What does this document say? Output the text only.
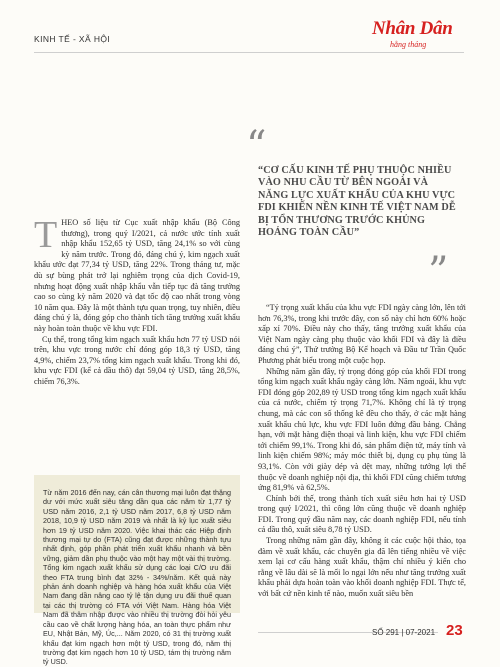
KINH TẾ - XÃ HỘI	Nhân Dân
hằng tháng
“
“CƠ CẤU KINH TẾ PHỤ THUỘC NHIỀU VÀO NHU CẦU TỪ BÊN NGOÀI VÀ NĂNG LỰC XUẤT KHẨU CỦA KHU VỰC FDI KHIẾN NỀN KINH TẾ VIỆT NAM DỄ BỊ TỔN THƯƠNG TRƯỚC KHỦNG HOẢNG TOÀN CẦU”
”

THEO số liệu từ Cục xuất nhập khẩu (Bộ Công thương), trong quý I/2021, cả nước ước tính xuất nhập khẩu 152,65 tỷ USD, tăng 24,1% so với cùng kỳ năm trước. Trong đó, đáng chú ý, kim ngạch xuất khẩu ước đạt 77,34 tỷ USD, tăng 22%. Trong tháng tư, mặc dù sự bùng phát trở lại nghiêm trọng của dịch Covid-19, nhưng hoạt động xuất nhập khẩu vẫn tiếp tục đà tăng trưởng cao so cùng kỳ năm 2020 và đạt tốc độ cao nhất trong vòng 10 năm qua. Đây là một thành tựu quan trọng, tuy nhiên, điều đáng chú ý là, đóng góp cho thành tích tăng trưởng xuất khẩu này hoàn toàn thuộc về khu vực FDI.

Cụ thể, trong tổng kim ngạch xuất khẩu hơn 77 tỷ USD nói trên, khu vực trong nước chỉ đóng góp 18,3 tỷ USD, tăng 4,9%, chiếm 23,7% tổng kim ngạch xuất khẩu. Trong khi đó, khu vực FDI (kể cả dầu thô) đạt 59,04 tỷ USD, tăng 28,5%, chiếm 76,3%.

Từ năm 2016 đến nay, cán cân thương mại luôn đạt thặng dư với mức xuất siêu tăng dần qua các năm từ 1,77 tỷ USD năm 2016, 2,1 tỷ USD năm 2017, 6,8 tỷ USD năm 2018, 10,9 tỷ USD năm 2019 và nhất là kỷ lục xuất siêu hơn 19 tỷ USD năm 2020. Việc khai thác các Hiệp định thương mại tự do (FTA) cũng đạt được những thành tựu nhất định, góp phần phát triển xuất khẩu nhanh và bền vững, giảm dần phụ thuộc vào một hay một vài thị trường. Tổng kim ngạch xuất khẩu sử dụng các loại C/O ưu đãi theo FTA trung bình đạt 32% - 34%/năm. Kết quả này phản ánh doanh nghiệp và hàng hóa xuất khẩu của Việt Nam đang dần nâng cao tỷ lệ tận dụng ưu đãi thuế quan tại các thị trường có FTA với Việt Nam. Hàng hóa Việt Nam đã thâm nhập được vào nhiều thị trường đòi hỏi yêu cầu cao về chất lượng hàng hóa, an toàn thực phẩm như EU, Nhật Bản, Mỹ, Úc,... Năm 2020, có 31 thị trường xuất khẩu đạt kim ngạch hơn một tỷ USD, trong đó, năm thị trường đạt kim ngạch hơn 10 tỷ USD, tám thị trường năm tỷ USD.

“Tỷ trọng xuất khẩu của khu vực FDI ngày càng lớn, lên tới hơn 76,3%, trong khi trước đây, con số này chỉ hơn 60% hoặc xấp xỉ 70%. Điều này cho thấy, tăng trưởng xuất khẩu của Việt Nam ngày càng phụ thuộc vào khối FDI và đây là điều đáng chú ý”, Thứ trưởng Bộ Kế hoạch và Đầu tư Trần Quốc Phương phát biểu trong một cuộc họp.

Những năm gần đây, tỷ trọng đóng góp của khối FDI trong tổng kim ngạch xuất khẩu ngày càng lớn. Năm ngoái, khu vực FDI đóng góp 202,89 tỷ USD trong tổng kim ngạch xuất khẩu của cả nước, chiếm tỷ trọng 71,7%. Không chỉ là tỷ trọng chung, mà các con số thống kê đều cho thấy, ở các mặt hàng xuất khẩu chủ lực, khu vực FDI luôn đứng đầu bảng. Chẳng hạn, với mặt hàng điện thoại và linh kiện, khu vực FDI chiếm tới chiếm 99,1%. Trong khi đó, sản phẩm điện tử, máy tính và linh kiện chiếm 98%; máy móc thiết bị, dụng cụ phụ tùng là 93,1%. Còn với giày dép và dệt may, những tưởng lợi thế thuộc về doanh nghiệp nội địa, thì khối FDI cũng chiếm tương ứng 81,9% và 62,5%.

Chính bởi thế, trong thành tích xuất siêu hơn hai tỷ USD trong quý I/2021, thì công lớn cũng thuộc về doanh nghiệp FDI. Trong quý đầu năm nay, các doanh nghiệp FDI, nếu tính cả dầu thô, xuất siêu 8,78 tỷ USD.

Trong những năm gần đây, không ít các cuộc hội thảo, tọa đàm về xuất khẩu, các chuyên gia đã lên tiếng nhiều về việc xem lại cơ cấu hàng xuất khẩu, thậm chí nhiều ý kiến cho rằng về lâu dài sẽ là mối lo ngại lớn nếu như tăng trưởng xuất khẩu phải dựa hoàn toàn vào khối doanh nghiệp FDI. Thực tế, với bất cứ nền kinh tế nào, muốn xuất siêu bền

SỐ 291 | 07-2021 23
